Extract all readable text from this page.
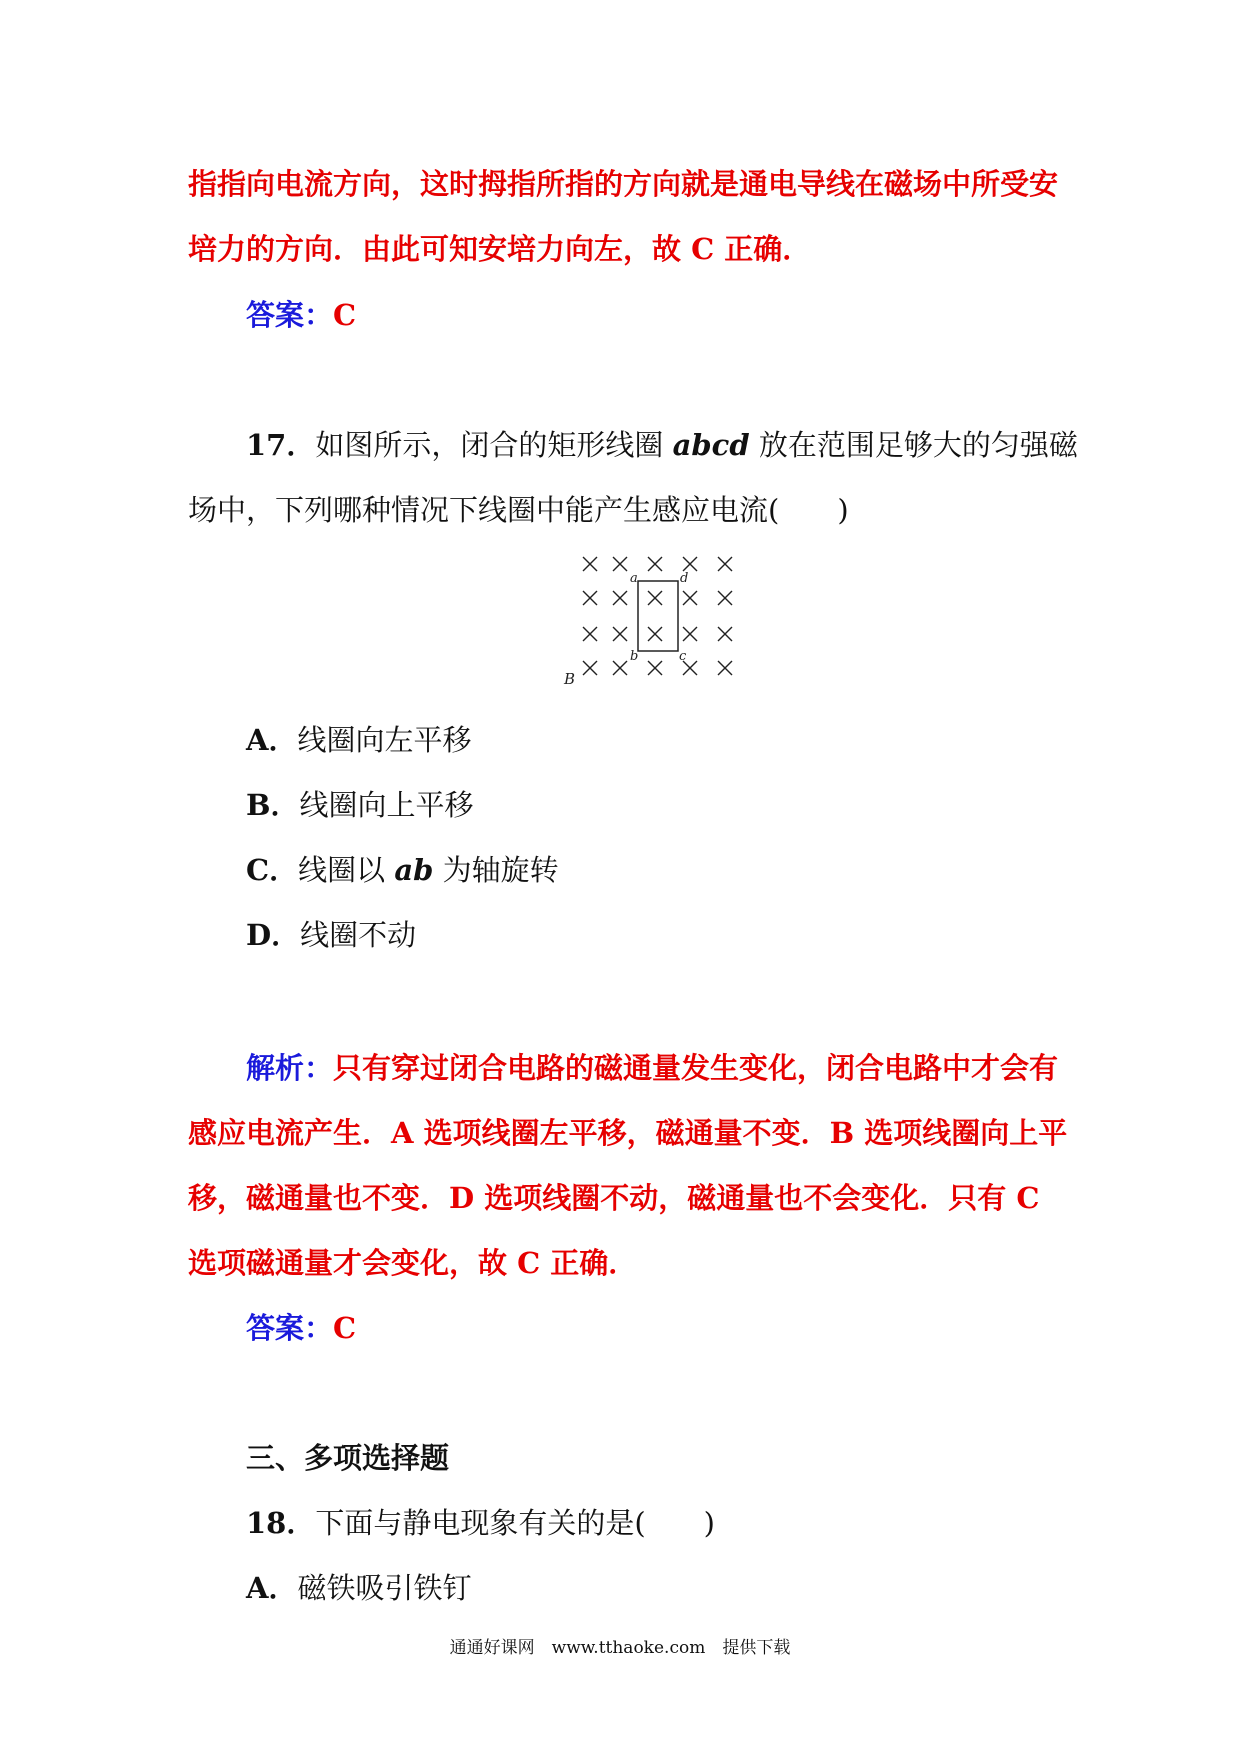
指指向电流方向，这时拇指所指的方向就是通电导线在磁场中所受安
培力的方向．由此可知安培力向左，故 C 正确．
答案：C
17．如图所示，闭合的矩形线圈 abcd 放在范围足够大的匀强磁
场中，下列哪种情况下线圈中能产生感应电流(　　)
a	d
b	c
B
A．线圈向左平移
B．线圈向上平移
C．线圈以 ab 为轴旋转
D．线圈不动
解析：只有穿过闭合电路的磁通量发生变化，闭合电路中才会有
感应电流产生．A 选项线圈左平移，磁通量不变．B 选项线圈向上平
移，磁通量也不变．D 选项线圈不动，磁通量也不会变化．只有 C
选项磁通量才会变化，故 C 正确．
答案：C
三、多项选择题
18．下面与静电现象有关的是(　　)
A．磁铁吸引铁钉
通通好课网　www.tthaoke.com　提供下载
